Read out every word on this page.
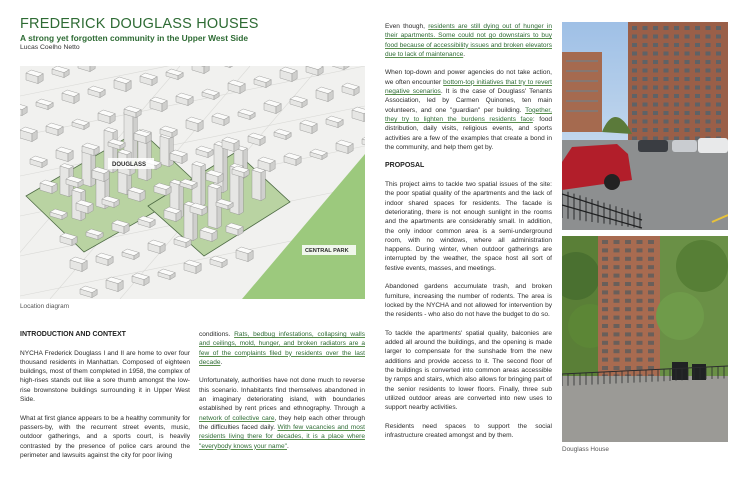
FREDERICK DOUGLASS HOUSES
A strong yet forgotten community in the Upper West Side
Lucas Coelho Netto
DOUGLASS
CENTRAL PARK
Location diagram
INTRODUCTION AND CONTEXT

NYCHA Frederick Douglass I and II are home to over four thousand residents in Manhattan. Composed of eighteen buildings, most of them completed in 1958, the complex of high-rises stands out like a sore thumb amongst the low-rise brownstone buildings surrounding it in Upper West Side.

What at first glance appears to be a healthy community for passers-by, with the recurrent street events, music, outdoor gatherings, and a sports court, is heavily contrasted by the presence of police cars around the perimeter and lawsuits against the city for poor living

conditions. Rats, bedbug infestations, collapsing walls and ceilings, mold, hunger, and broken radiators are a few of the complaints filed by residents over the last decade.

Unfortunately, authorities have not done much to reverse this scenario. Inhabitants find themselves abandoned in an imaginary deteriorating island, with boundaries established by rent prices and ethnography. Through a network of collective care, they help each other through the difficulties faced daily. With few vacancies and most residents living there for decades, it is a place where "everybody knows your name".

Even though, residents are still dying out of hunger in their apartments. Some could not go downstairs to buy food because of accessibility issues and broken elevators due to lack of maintenance.

When top-down and power agencies do not take action, we often encounter bottom-top initiatives that try to revert negative scenarios. It is the case of Douglass' Tenants Association, led by Carmen Quinones, ten main volunteers, and one "guardian" per building. Together, they try to lighten the burdens residents face: food distribution, daily visits, religious events, and sports activities are a few of the examples that create a bond in the community, and help them get by.

PROPOSAL

This project aims to tackle two spatial issues of the site: the poor spatial quality of the apartments and the lack of indoor shared spaces for residents. The facade is deteriorating, there is not enough sunlight in the rooms and the apartments are considerably small. In addition, the only indoor common area is a semi-underground room, with no windows, where all administration happens. During winter, when outdoor gatherings are interrupted by the weather, the space host all sort of festive events, masses, and meetings.

Abandoned gardens accumulate trash, and broken furniture, increasing the number of rodents. The area is locked by the NYCHA and not allowed for intervention by the residents - who also do not have the budget to do so.

To tackle the apartments' spatial quality, balconies are added all around the buildings, and the opening is made larger to compensate for the sunshade from the new additions and provide access to it. The second floor of the buildings is converted into common areas accessible by ramps and stairs, which also allows for bringing part of the senior residents to lower floors. Finally, three sub utilized outdoor areas are converted into new uses to support nearby activities.

Residents need spaces to support the social infrastructure created amongst and by them.

Douglass House
